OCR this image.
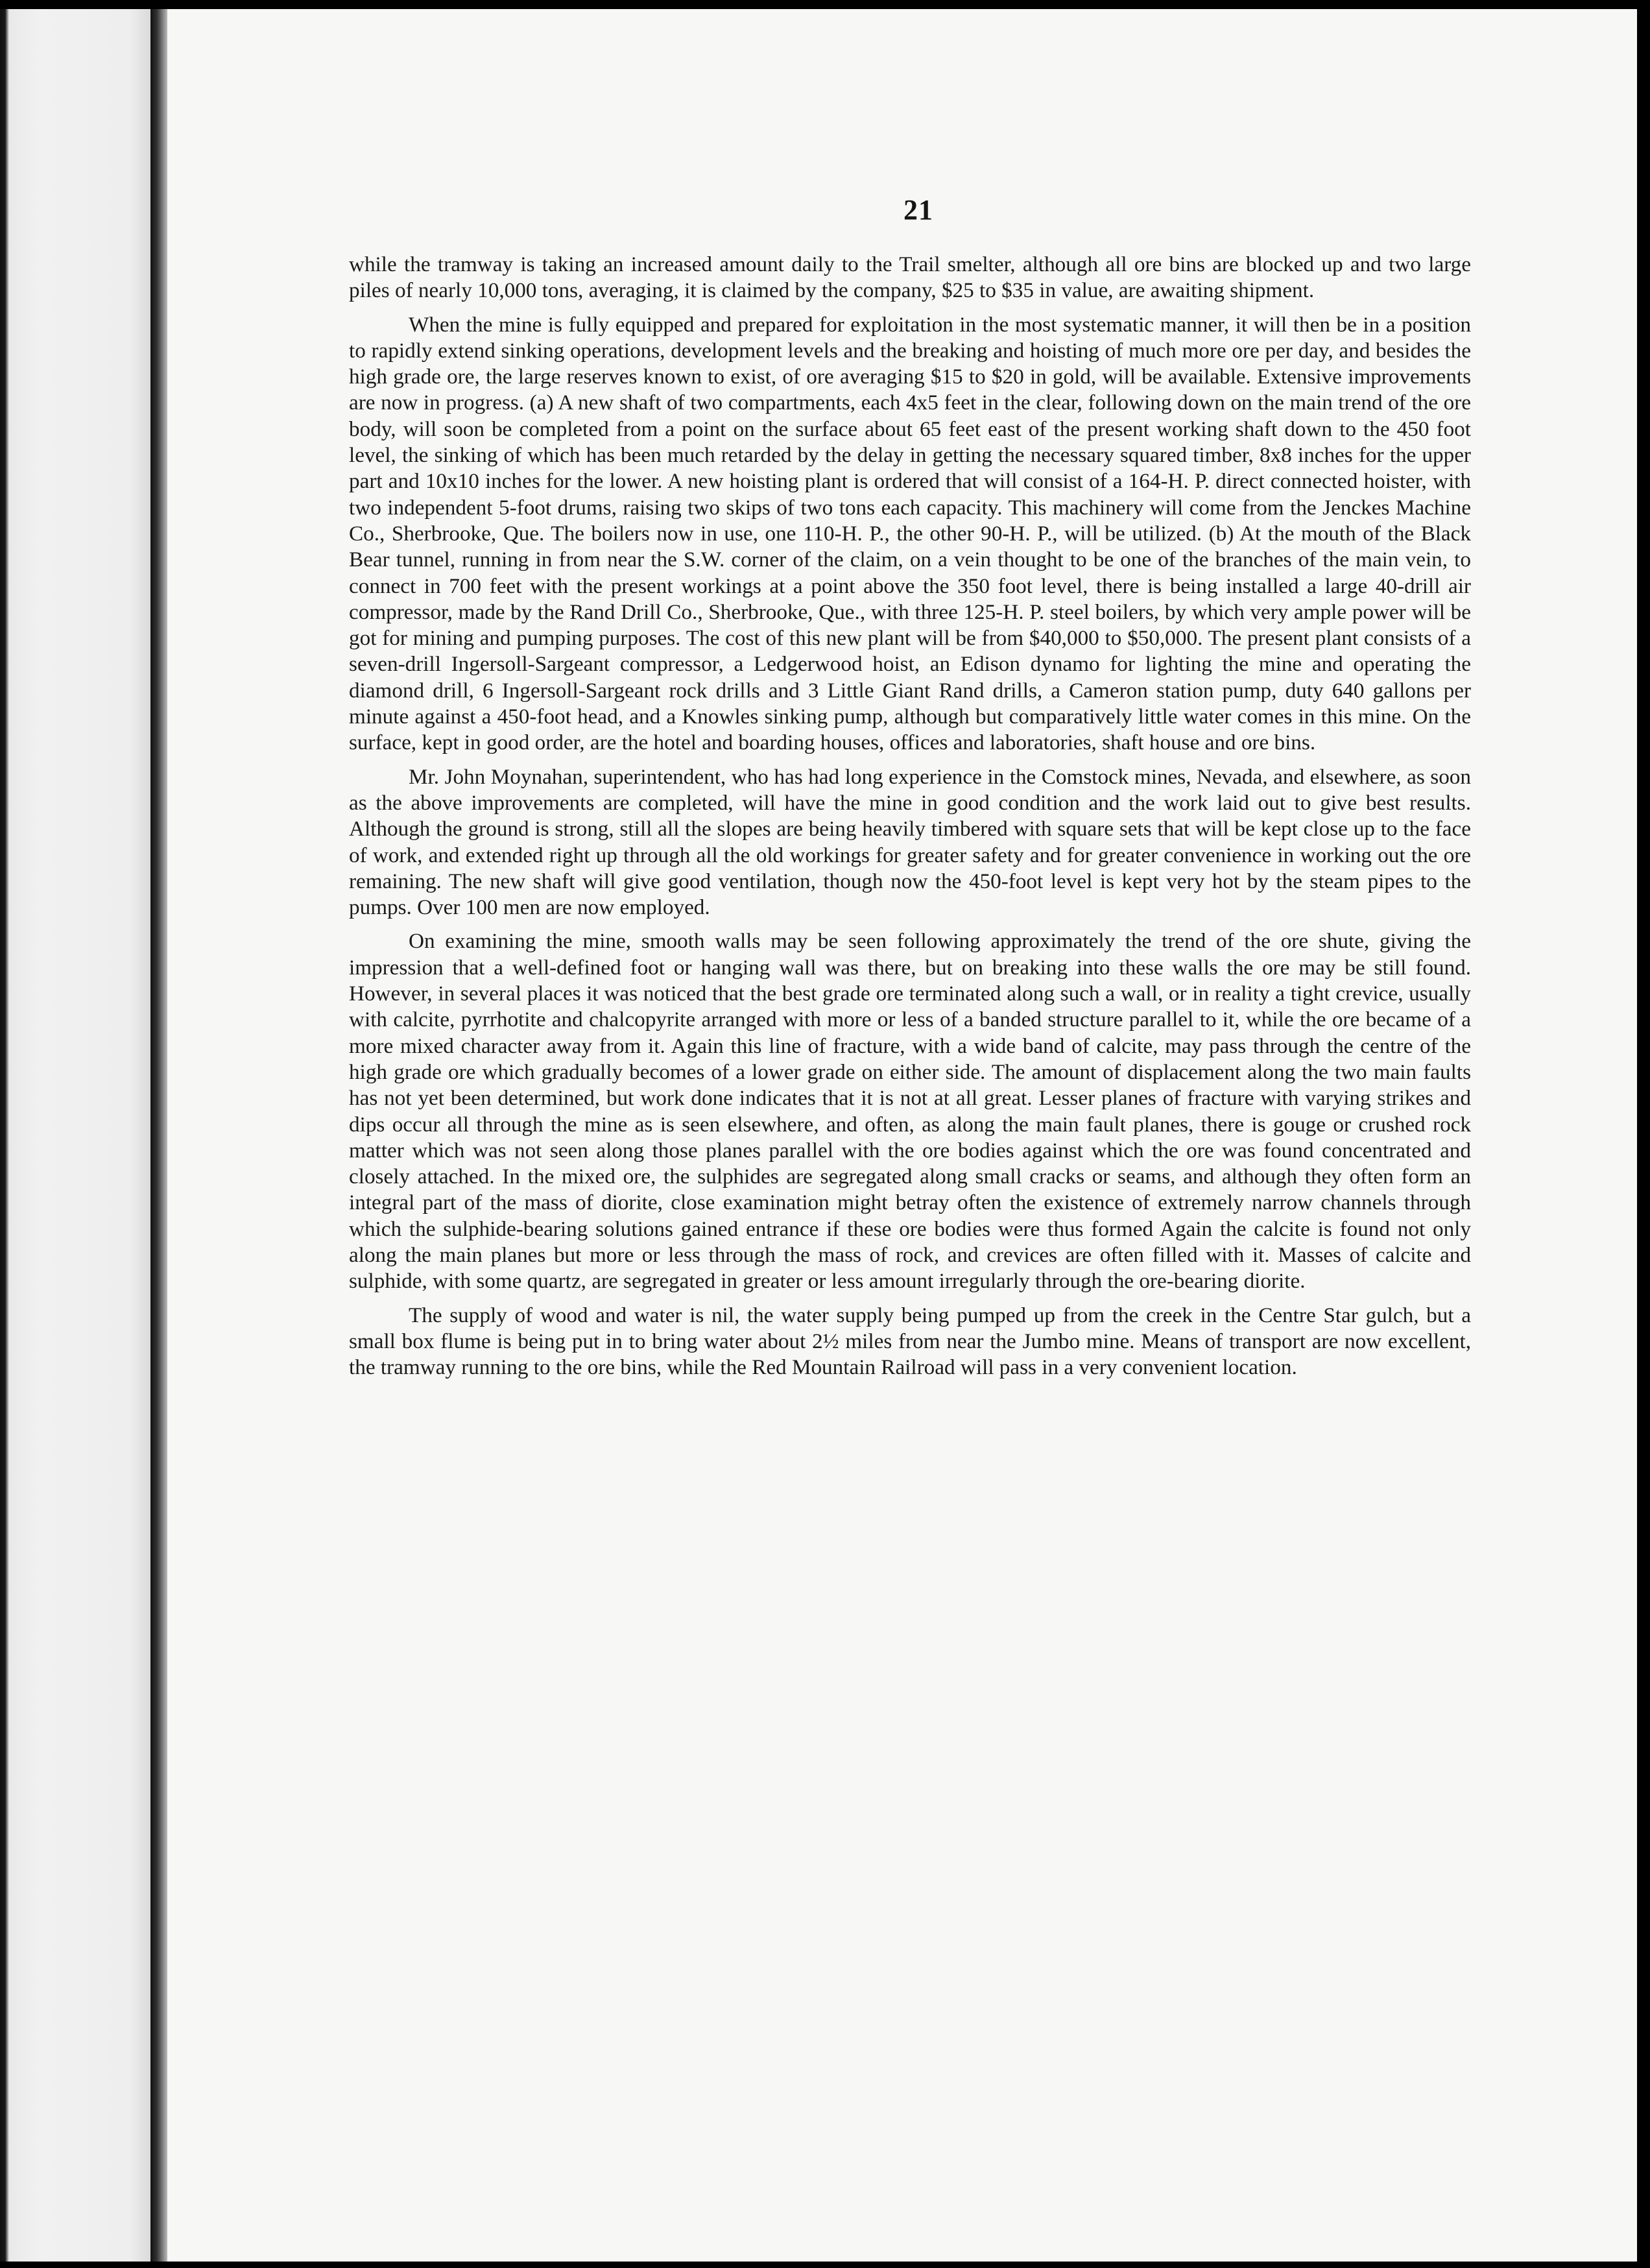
21

while the tramway is taking an increased amount daily to the Trail smelter, although all ore bins are blocked up and two large piles of nearly 10,000 tons, averaging, it is claimed by the company, $25 to $35 in value, are awaiting shipment.

When the mine is fully equipped and prepared for exploitation in the most systematic manner, it will then be in a position to rapidly extend sinking operations, development levels and the breaking and hoisting of much more ore per day, and besides the high grade ore, the large reserves known to exist, of ore averaging $15 to $20 in gold, will be available. Extensive improvements are now in progress. (a) A new shaft of two compartments, each 4x5 feet in the clear, following down on the main trend of the ore body, will soon be completed from a point on the surface about 65 feet east of the present working shaft down to the 450 foot level, the sinking of which has been much retarded by the delay in getting the necessary squared timber, 8x8 inches for the upper part and 10x10 inches for the lower. A new hoisting plant is ordered that will consist of a 164-H. P. direct connected hoister, with two independent 5-foot drums, raising two skips of two tons each capacity. This machinery will come from the Jenckes Machine Co., Sherbrooke, Que. The boilers now in use, one 110-H. P., the other 90-H. P., will be utilized. (b) At the mouth of the Black Bear tunnel, running in from near the S.W. corner of the claim, on a vein thought to be one of the branches of the main vein, to connect in 700 feet with the present workings at a point above the 350 foot level, there is being installed a large 40-drill air compressor, made by the Rand Drill Co., Sherbrooke, Que., with three 125-H. P. steel boilers, by which very ample power will be got for mining and pumping purposes. The cost of this new plant will be from $40,000 to $50,000. The present plant consists of a seven-drill Ingersoll-Sargeant compressor, a Ledgerwood hoist, an Edison dynamo for lighting the mine and operating the diamond drill, 6 Ingersoll-Sargeant rock drills and 3 Little Giant Rand drills, a Cameron station pump, duty 640 gallons per minute against a 450-foot head, and a Knowles sinking pump, although but comparatively little water comes in this mine. On the surface, kept in good order, are the hotel and boarding houses, offices and laboratories, shaft house and ore bins.

Mr. John Moynahan, superintendent, who has had long experience in the Comstock mines, Nevada, and elsewhere, as soon as the above improvements are completed, will have the mine in good condition and the work laid out to give best results. Although the ground is strong, still all the slopes are being heavily timbered with square sets that will be kept close up to the face of work, and extended right up through all the old workings for greater safety and for greater convenience in working out the ore remaining. The new shaft will give good ventilation, though now the 450-foot level is kept very hot by the steam pipes to the pumps. Over 100 men are now employed.

On examining the mine, smooth walls may be seen following approximately the trend of the ore shute, giving the impression that a well-defined foot or hanging wall was there, but on breaking into these walls the ore may be still found. However, in several places it was noticed that the best grade ore terminated along such a wall, or in reality a tight crevice, usually with calcite, pyrrhotite and chalcopyrite arranged with more or less of a banded structure parallel to it, while the ore became of a more mixed character away from it. Again this line of fracture, with a wide band of calcite, may pass through the centre of the high grade ore which gradually becomes of a lower grade on either side. The amount of displacement along the two main faults has not yet been determined, but work done indicates that it is not at all great. Lesser planes of fracture with varying strikes and dips occur all through the mine as is seen elsewhere, and often, as along the main fault planes, there is gouge or crushed rock matter which was not seen along those planes parallel with the ore bodies against which the ore was found concentrated and closely attached. In the mixed ore, the sulphides are segregated along small cracks or seams, and although they often form an integral part of the mass of diorite, close examination might betray often the existence of extremely narrow channels through which the sulphide-bearing solutions gained entrance if these ore bodies were thus formed Again the calcite is found not only along the main planes but more or less through the mass of rock, and crevices are often filled with it. Masses of calcite and sulphide, with some quartz, are segregated in greater or less amount irregularly through the ore-bearing diorite.

The supply of wood and water is nil, the water supply being pumped up from the creek in the Centre Star gulch, but a small box flume is being put in to bring water about 2½ miles from near the Jumbo mine. Means of transport are now excellent, the tramway running to the ore bins, while the Red Mountain Railroad will pass in a very convenient location.
